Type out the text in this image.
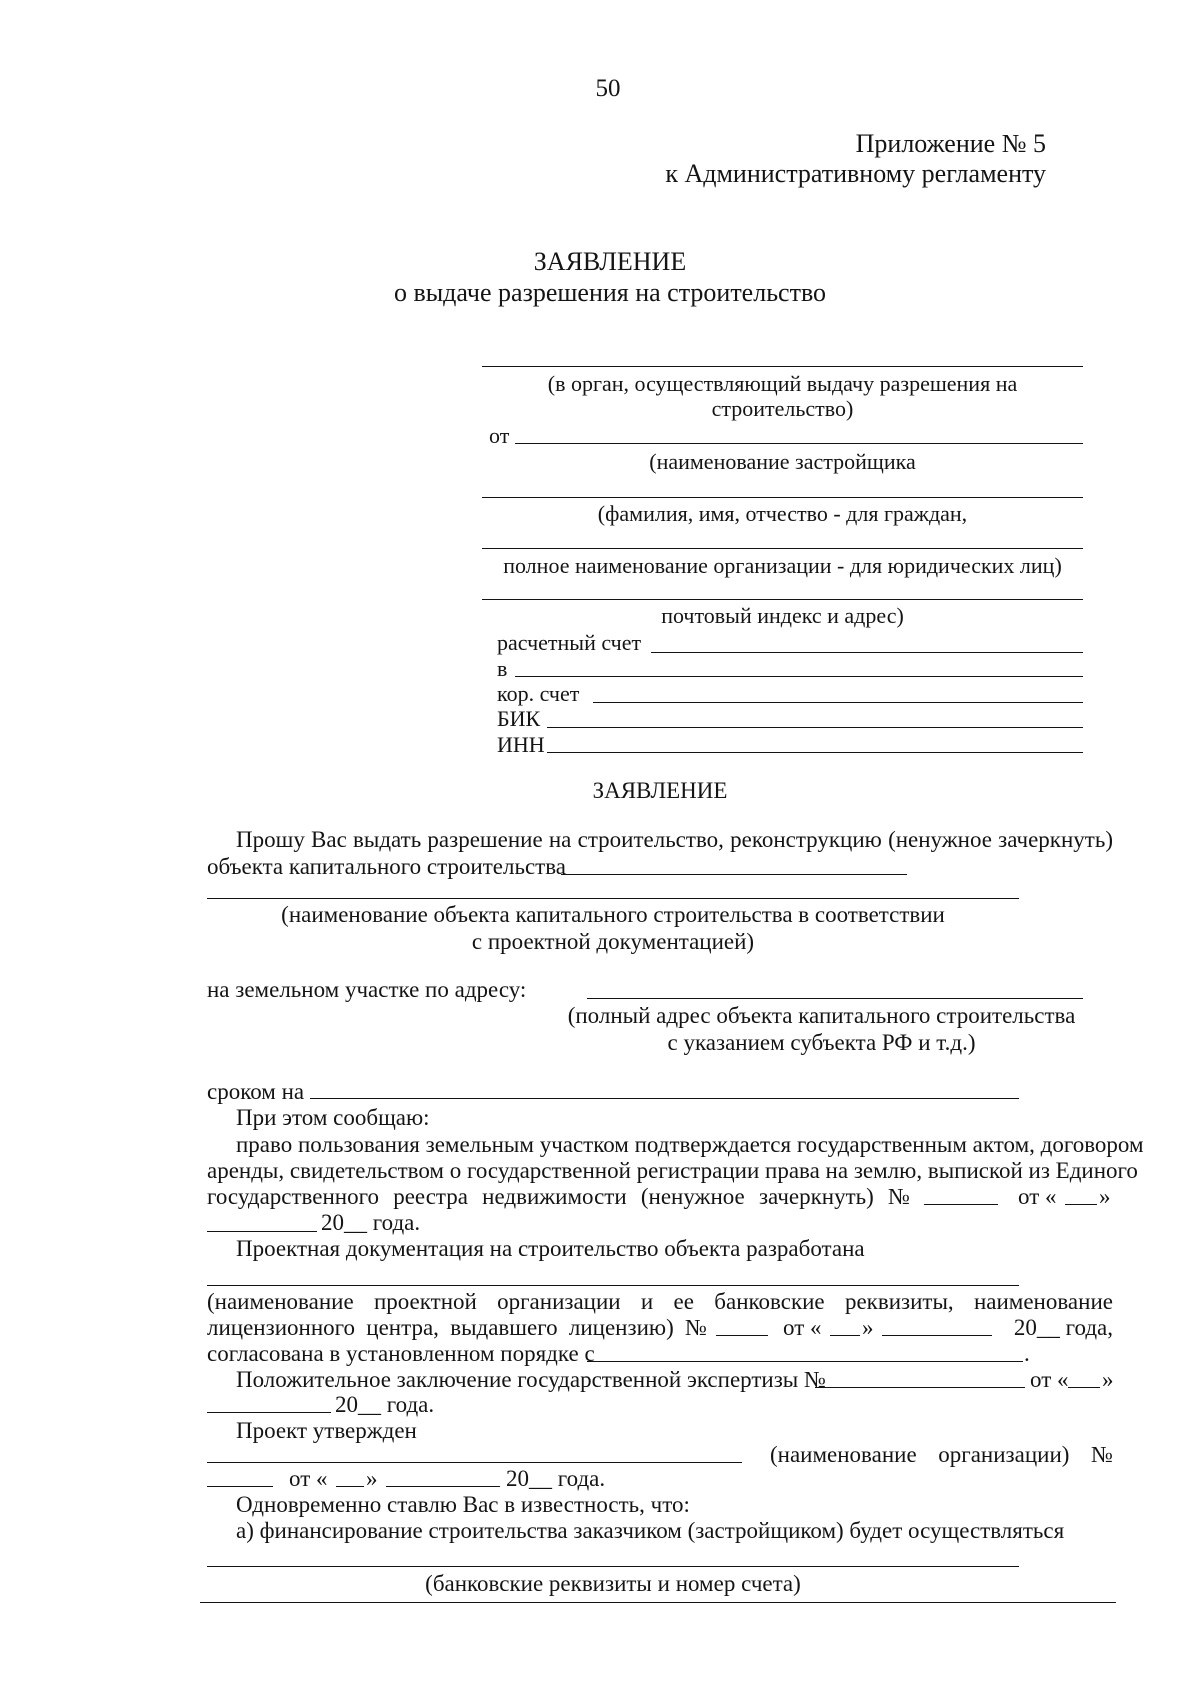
50
Приложение № 5
к Административному регламенту
ЗАЯВЛЕНИЕ
о выдаче разрешения на строительство
(в орган, осуществляющий выдачу разрешения на
строительство)
от
(наименование застройщика
(фамилия, имя, отчество - для граждан,
полное наименование организации - для юридических лиц)
почтовый индекс и адрес)
расчетный счет
в
кор. счет
БИК
ИНН
ЗАЯВЛЕНИЕ
Прошу Вас выдать разрешение на строительство, реконструкцию (ненужное зачеркнуть)
объекта капитального строительства
(наименование объекта капитального строительства в соответствии
с проектной документацией)
на земельном участке по адресу:
(полный адрес объекта капитального строительства
с указанием субъекта РФ и т.д.)
сроком на
При этом сообщаю:
право пользования земельным участком подтверждается государственным актом, договором
аренды, свидетельством о государственной регистрации права на землю, выпиской из Единого
государственного реестра недвижимости (ненужное зачеркнуть) №	от « »
20__ года.
Проектная документация на строительство объекта разработана
(наименование проектной организации и ее банковские реквизиты, наименование
лицензионного центра, выдавшего лицензию) №	от « »	20__ года,
согласована в установленном порядке с	.
Положительное заключение государственной экспертизы №	от « »
20__ года.
Проект утвержден
(наименование организации) №
от « »	20__ года.
Одновременно ставлю Вас в известность, что:
а) финансирование строительства заказчиком (застройщиком) будет осуществляться
(банковские реквизиты и номер счета)
